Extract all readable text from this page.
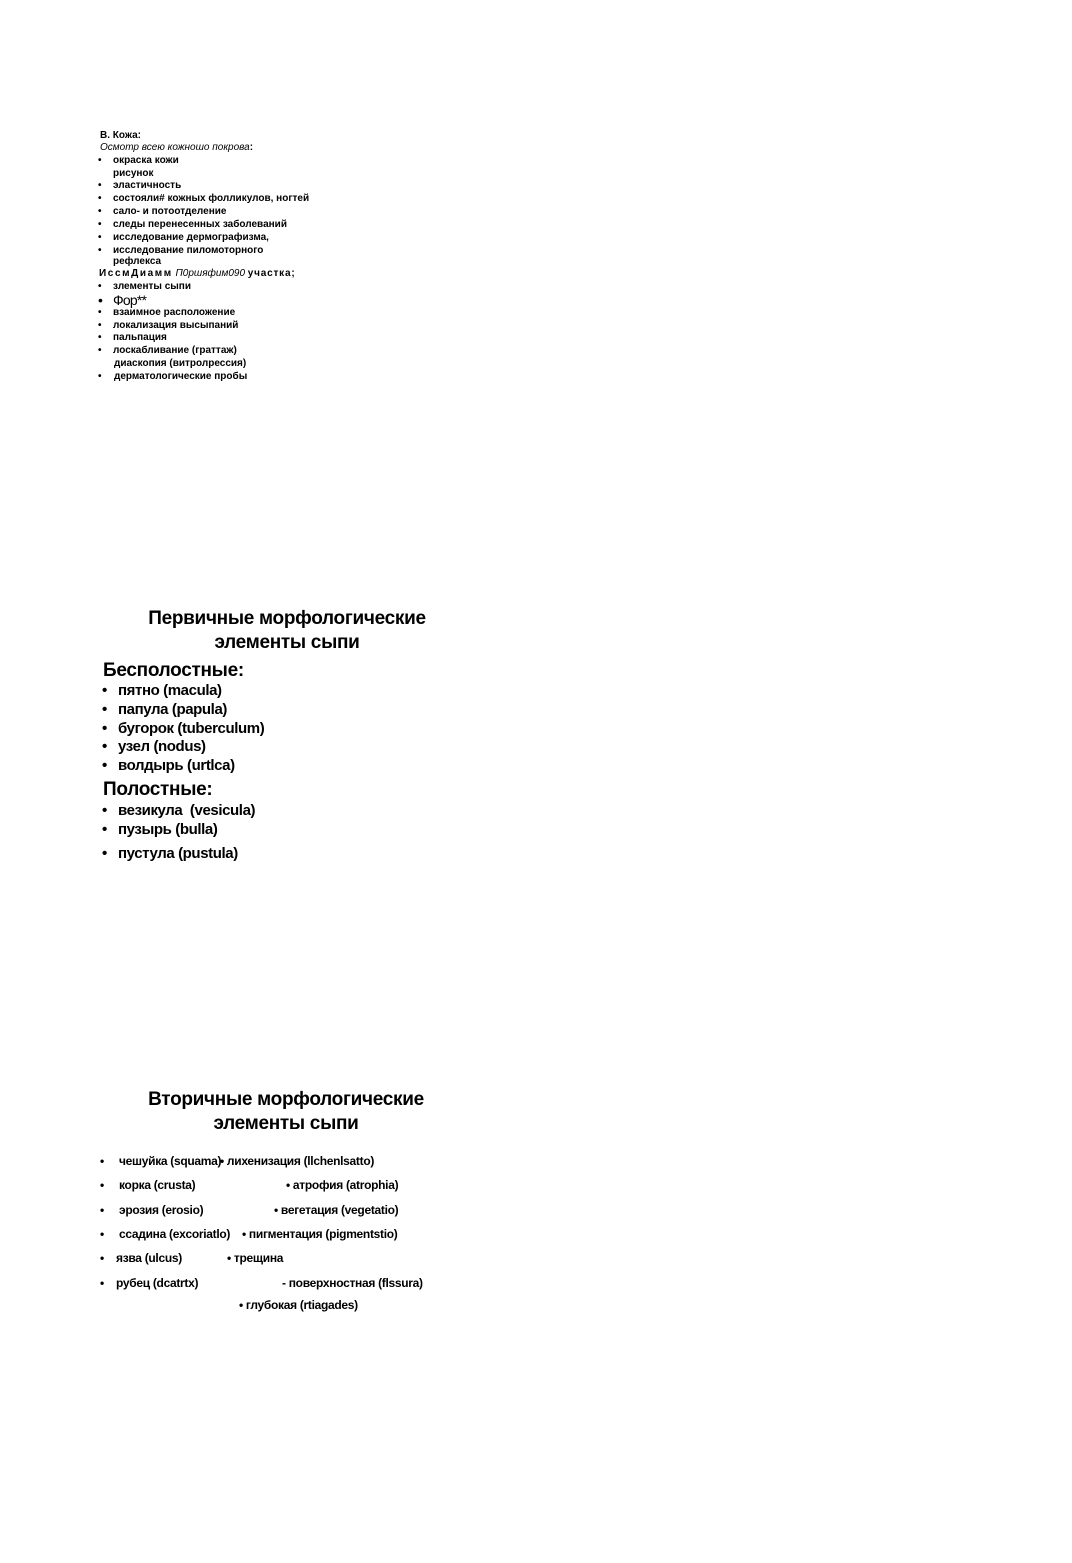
В. Кожа:
Осмотр всею кожношо покрова:
• окраска кожи
рисунок
• эластичность
• состояли# кожных фолликулов, ногтей
• сало- и потоотделение
• следы перенесенных заболеваний
• исследование дермографизма,
• исследование пиломоторного
рефлекса
ИссмДиамм П0ршяфим090 участка;
• злементы сыпи
• Фор**
• взаимное расположение
• локализация высыпаний
• пальпация
• лоскабливание (граттаж)
диаскопия (витролрессия)
• дерматологические пробы
Первичные морфологические
элементы сыпи
Бесполостные:
• пятно (macula)
• папула (papula)
• бугорок (tuberculum)
• узел (nodus)
• волдырь (urtlca)
Полостные:
• везикула  (vesicula)
• пузырь (bulla)
• пустула (pustula)
Вторичные морфологические
элементы сыпи
• чешуйка (squama)
• лихенизация (llchenlsatto)
• корка (crusta)	• атрофия (atrophia)
• эрозия (erosio)	• вегетация (vegetatio)
• ссадина (excoriatlo) • пигментация (pigmentstio)
• язва (ulcus)	• трещина
• рубец (dcatrtx)	- поверхностная (flssura)
• глубокая (rtiagades)
